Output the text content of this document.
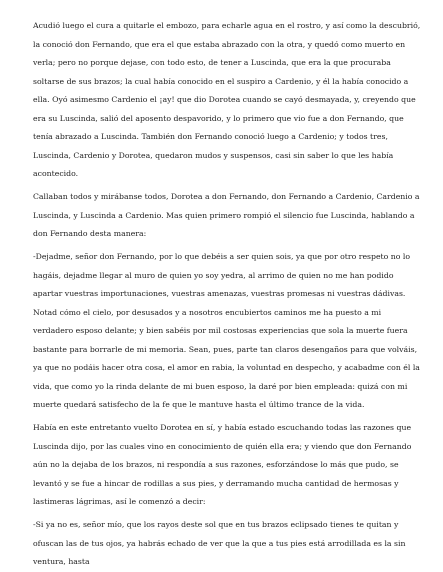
Acudió luego el cura a quitarle el embozo, para echarle agua en el rostro, y así como la descubrió, la conoció don Fernando, que era el que estaba abrazado con la otra, y quedó como muerto en verla; pero no porque dejase, con todo esto, de tener a Luscinda, que era la que procuraba soltarse de sus brazos; la cual había conocido en el suspiro a Cardenio, y él la había conocido a ella. Oyó asimesmo Cardenio el ¡ay! que dio Dorotea cuando se cayó desmayada, y, creyendo que era su Luscinda, salió del aposento despavorido, y lo primero que vio fue a don Fernando, que tenía abrazado a Luscinda. También don Fernando conoció luego a Cardenio; y todos tres, Luscinda, Cardenio y Dorotea, quedaron mudos y suspensos, casi sin saber lo que les había acontecido.

Callaban todos y mirábanse todos, Dorotea a don Fernando, don Fernando a Cardenio, Cardenio a Luscinda, y Luscinda a Cardenio. Mas quien primero rompió el silencio fue Luscinda, hablando a don Fernando desta manera:

-Dejadme, señor don Fernando, por lo que debéis a ser quien sois, ya que por otro respeto no lo hagáis, dejadme llegar al muro de quien yo soy yedra, al arrimo de quien no me han podido apartar vuestras importunaciones, vuestras amenazas, vuestras promesas ni vuestras dádivas. Notad cómo el cielo, por desusados y a nosotros encubiertos caminos me ha puesto a mi verdadero esposo delante; y bien sabéis por mil costosas experiencias que sola la muerte fuera bastante para borrarle de mi memoria. Sean, pues, parte tan claros desengaños para que volváis, ya que no podáis hacer otra cosa, el amor en rabia, la voluntad en despecho, y acabadme con él la vida, que como yo la rinda delante de mi buen esposo, la daré por bien empleada: quizá con mi muerte quedará satisfecho de la fe que le mantuve hasta el último trance de la vida.

Había en este entretanto vuelto Dorotea en sí, y había estado escuchando todas las razones que Luscinda dijo, por las cuales vino en conocimiento de quién ella era; y viendo que don Fernando aún no la dejaba de los brazos, ni respondía a sus razones, esforzándose lo más que pudo, se levantó y se fue a hincar de rodillas a sus pies, y derramando mucha cantidad de hermosas y lastimeras lágrimas, así le comenzó a decir:

-Si ya no es, señor mío, que los rayos deste sol que en tus brazos eclipsado tienes te quitan y ofuscan las de tus ojos, ya habrás echado de ver que la que a tus pies está arrodillada es la sin ventura, hasta
